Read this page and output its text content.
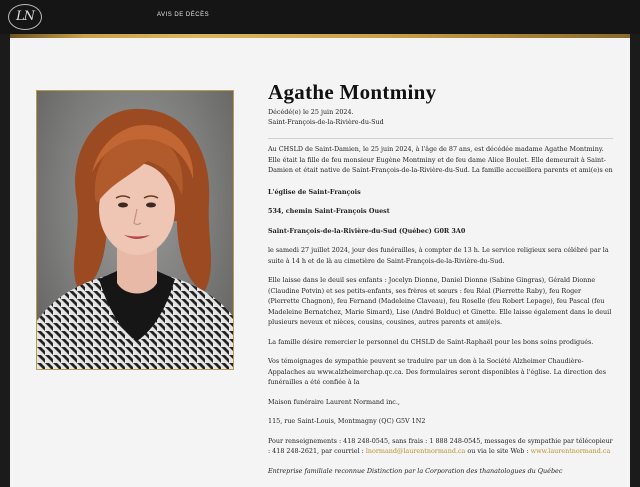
LN	AVIS DE DÉCÈS
Agathe Montminy
Décédé(e) le 25 juin 2024.
Saint-François-de-la-Rivière-du-Sud

Au CHSLD de Saint-Damien, le 25 juin 2024, à l'âge de 87 ans, est décédée madame Agathe Montminy. Elle était la fille de feu monsieur Eugène Montminy et de feu dame Alice Boulet. Elle demeurait à Saint-Damien et était native de Saint-François-de-la-Rivière-du-Sud. La famille accueillera parents et ami(e)s en

L'église de Saint-François

534, chemin Saint-François Ouest

Saint-François-de-la-Rivière-du-Sud (Québec) G0R 3A0

le samedi 27 juillet 2024, jour des funérailles, à compter de 13 h. Le service religieux sera célébré par la suite à 14 h et de là au cimetière de Saint-François-de-la-Rivière-du-Sud.

Elle laisse dans le deuil ses enfants : Jocelyn Dionne, Daniel Dionne (Sabine Gingras), Gérald Dionne (Claudine Potvin) et ses petits-enfants, ses frères et sœurs : feu Réal (Pierrette Raby), feu Roger (Pierrette Chagnon), feu Fernand (Madeleine Claveau), feu Roselle (feu Robert Lepage), feu Pascal (feu Madeleine Bernatchez, Marie Simard), Lise (André Bolduc) et Ginette. Elle laisse également dans le deuil plusieurs neveux et nièces, cousins, cousines, autres parents et ami(e)s.

La famille désire remercier le personnel du CHSLD de Saint-Raphaël pour les bons soins prodigués.

Vos témoignages de sympathie peuvent se traduire par un don à la Société Alzheimer Chaudière-Appalaches au www.alzheimerchap.qc.ca. Des formulaires seront disponibles à l'église. La direction des funérailles a été confiée à la

Maison funéraire Laurent Normand inc.,

115, rue Saint-Louis, Montmagny (QC) G5V 1N2

Pour renseignements : 418 248-0545, sans frais : 1 888 248-0545, messages de sympathie par télécopieur : 418 248-2621, par courriel : lnormand@laurentnormand.ca ou via le site Web : www.laurentnormand.ca

Entreprise familiale reconnue Distinction par la Corporation des thanatologues du Québec
